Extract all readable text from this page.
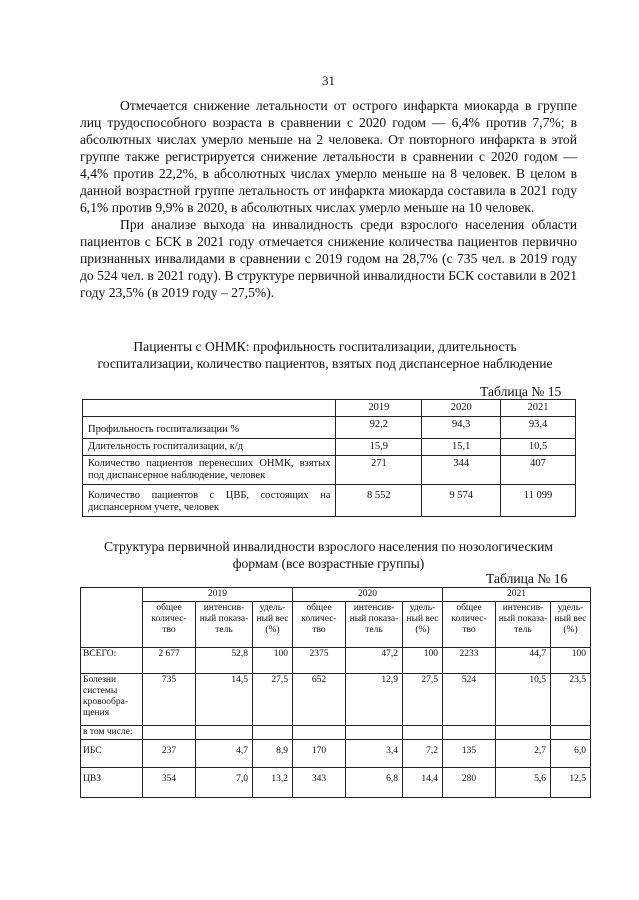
31

Отмечается снижение летальности от острого инфаркта миокарда в группе лиц трудоспособного возраста в сравнении с 2020 годом — 6,4% против 7,7%; в абсолютных числах умерло меньше на 2 человека. От повторного инфаркта в этой группе также регистрируется снижение летальности в сравнении с 2020 годом — 4,4% против 22,2%, в абсолютных числах умерло меньше на 8 человек. В целом в данной возрастной группе летальность от инфаркта миокарда составила в 2021 году 6,1% против 9,9% в 2020, в абсолютных числах умерло меньше на 10 человек.

При анализе выхода на инвалидность среди взрослого населения области пациентов с БСК в 2021 году отмечается снижение количества пациентов первично признанных инвалидами в сравнении с 2019 годом на 28,7% (с 735 чел. в 2019 году до 524 чел. в 2021 году). В структуре первичной инвалидности БСК составили в 2021 году 23,5% (в 2019 году – 27,5%).

Пациенты с ОНМК: профильность госпитализации, длительность госпитализации, количество пациентов, взятых под диспансерное наблюдение
Таблица № 15
	2019	2020	2021
Профильность госпитализации %	92,2	94,3	93,4
Длительность госпитализации, к/д	15,9	15,1	10,5
Количество пациентов перенесших ОНМК, взятых под диспансерное наблюдение, человек	271	344	407
Количество пациентов с ЦВБ, состоящих на диспансерном учете, человек	8 552	9 574	11 099
Структура первичной инвалидности взрослого населения по нозологическим формам (все возрастные группы)
Таблица № 16
	2019			2020			2021		
	общее количес-тво	интенсив-ный показа-тель	удель-ный вес (%)	общее количес-тво	интенсив-ный показа-тель	удель-ный вес (%)	общее количес-тво	интенсив-ный показа-тель	удель-ный вес (%)
ВСЕГО:	2 677	52,8	100	2375	47,2	100	2233	44,7	100
Болезни системы кровообра-щения	735	14,5	27,5	652	12,9	27,5	524	10,5	23,5
в том числе:									
ИБС	237	4,7	8,9	170	3,4	7,2	135	2,7	6,0
ЦВЗ	354	7,0	13,2	343	6,8	14,4	280	5,6	12,5
